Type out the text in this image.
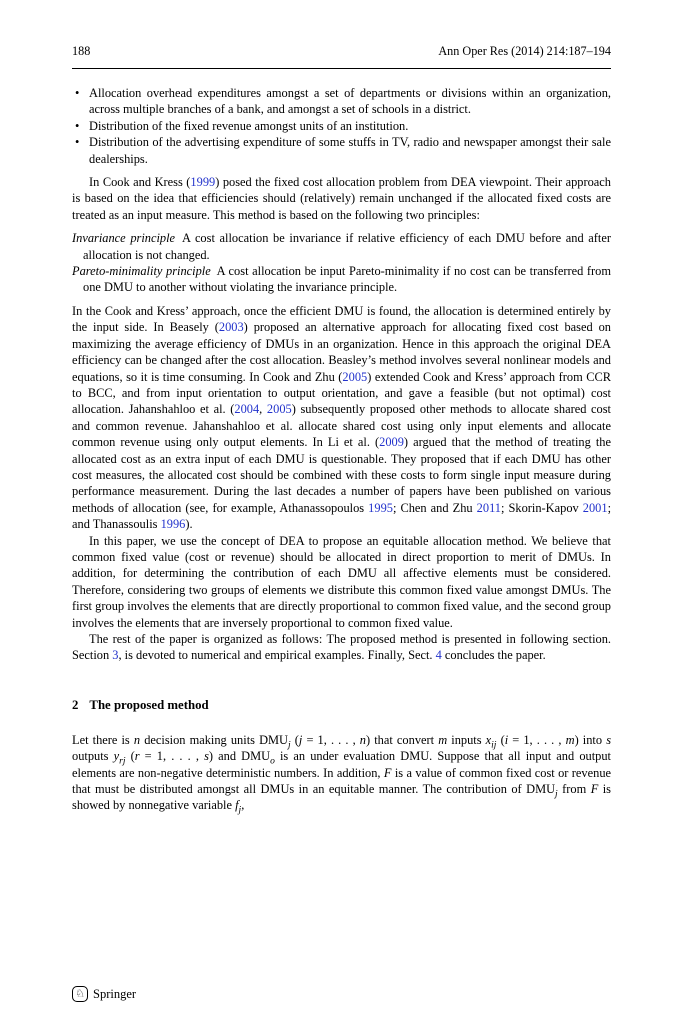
188	Ann Oper Res (2014) 214:187–194
• Allocation overhead expenditures amongst a set of departments or divisions within an organization, across multiple branches of a bank, and amongst a set of schools in a district.
• Distribution of the fixed revenue amongst units of an institution.
• Distribution of the advertising expenditure of some stuffs in TV, radio and newspaper amongst their sale dealerships.

In Cook and Kress (1999) posed the fixed cost allocation problem from DEA viewpoint. Their approach is based on the idea that efficiencies should (relatively) remain unchanged if the allocated fixed costs are treated as an input measure. This method is based on the following two principles:

Invariance principle A cost allocation be invariance if relative efficiency of each DMU before and after allocation is not changed.

Pareto-minimality principle A cost allocation be input Pareto-minimality if no cost can be transferred from one DMU to another without violating the invariance principle.

In the Cook and Kress’ approach, once the efficient DMU is found, the allocation is determined entirely by the input side. In Beasely (2003) proposed an alternative approach for allocating fixed cost based on maximizing the average efficiency of DMUs in an organization. Hence in this approach the original DEA efficiency can be changed after the cost allocation. Beasley’s method involves several nonlinear models and equations, so it is time consuming. In Cook and Zhu (2005) extended Cook and Kress’ approach from CCR to BCC, and from input orientation to output orientation, and gave a feasible (but not optimal) cost allocation. Jahanshahloo et al. (2004, 2005) subsequently proposed other methods to allocate shared cost and common revenue. Jahanshahloo et al. allocate shared cost using only input elements and allocate common revenue using only output elements. In Li et al. (2009) argued that the method of treating the allocated cost as an extra input of each DMU is questionable. They proposed that if each DMU has other cost measures, the allocated cost should be combined with these costs to form single input measure during performance measurement. During the last decades a number of papers have been published on various methods of allocation (see, for example, Athanassopoulos 1995; Chen and Zhu 2011; Skorin-Kapov 2001; and Thanassoulis 1996).

In this paper, we use the concept of DEA to propose an equitable allocation method. We believe that common fixed value (cost or revenue) should be allocated in direct proportion to merit of DMUs. In addition, for determining the contribution of each DMU all affective elements must be considered. Therefore, considering two groups of elements we distribute this common fixed value amongst DMUs. The first group involves the elements that are directly proportional to common fixed value, and the second group involves the elements that are inversely proportional to common fixed value.

The rest of the paper is organized as follows: The proposed method is presented in following section. Section 3, is devoted to numerical and empirical examples. Finally, Sect. 4 concludes the paper.

2 The proposed method

Let there is n decision making units $DMU_j$ (j = 1, . . . , n) that convert m inputs $x_{ij}$ (i = 1, . . . , m) into s outputs $y_{rj}$ (r = 1, . . . , s) and $DMU_o$ is an under evaluation DMU. Suppose that all input and output elements are non-negative deterministic numbers. In addition, F is a value of common fixed cost or revenue that must be distributed amongst all DMUs in an equitable manner. The contribution of $DMU_j$ from F is showed by nonnegative variable $f_j$,

♘ Springer
